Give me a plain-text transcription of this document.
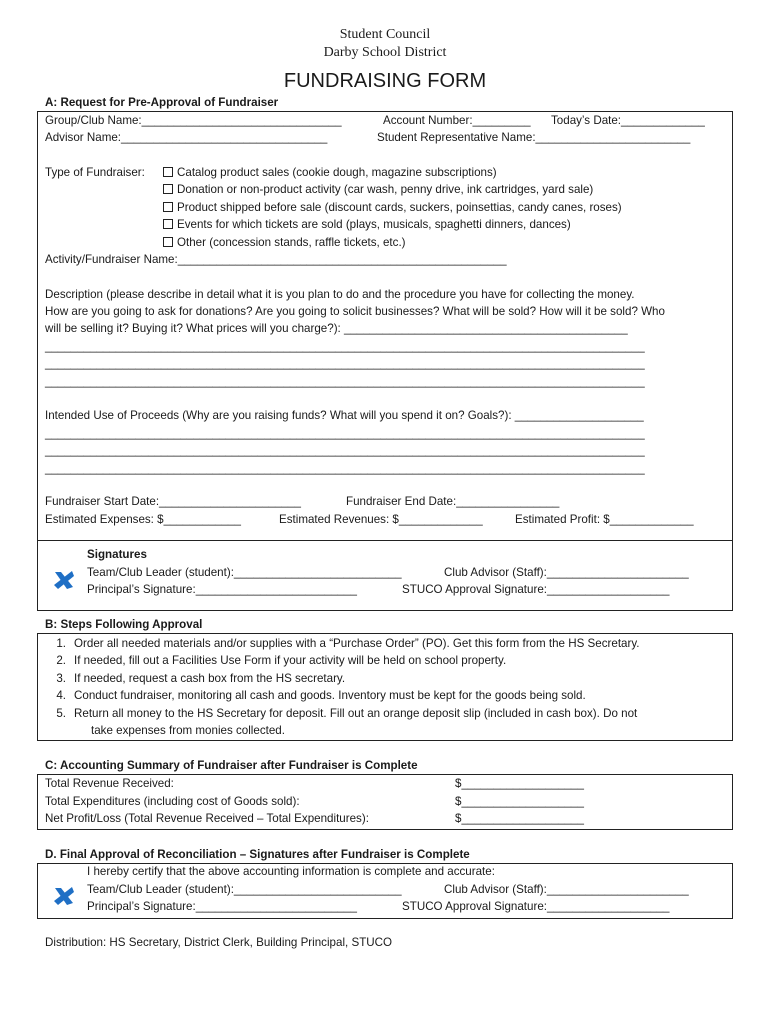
Student Council
Darby School District
FUNDRAISING FORM
A: Request for Pre-Approval of Fundraiser
Group/Club Name:_______________________________	Account Number:_________ Today’s Date:_____________
Advisor Name:________________________________	Student Representative Name:________________________
Type of Fundraiser:	Catalog product sales (cookie dough, magazine subscriptions)
Donation or non-product activity (car wash, penny drive, ink cartridges, yard sale)
Product shipped before sale (discount cards, suckers, poinsettias, candy canes, roses)
Events for which tickets are sold (plays, musicals, spaghetti dinners, dances)
Other (concession stands, raffle tickets, etc.)
Activity/Fundraiser Name:___________________________________________________
Description (please describe in detail what it is you plan to do and the procedure you have for collecting the money.
How are you going to ask for donations? Are you going to solicit businesses? What will be sold? How will it be sold? Who
will be selling it? Buying it? What prices will you charge?): ____________________________________________
_____________________________________________________________________________________________
_____________________________________________________________________________________________
_____________________________________________________________________________________________
Intended Use of Proceeds (Why are you raising funds? What will you spend it on? Goals?): ____________________
_____________________________________________________________________________________________
_____________________________________________________________________________________________
_____________________________________________________________________________________________
Fundraiser Start Date:______________________	Fundraiser End Date:________________
Estimated Expenses: $____________	Estimated Revenues: $_____________	Estimated Profit: $_____________
Signatures
Team/Club Leader (student):__________________________	Club Advisor (Staff):______________________
Principal’s Signature:_________________________	STUCO Approval Signature:___________________
B: Steps Following Approval
1. Order all needed materials and/or supplies with a “Purchase Order” (PO). Get this form from the HS Secretary.
2. If needed, fill out a Facilities Use Form if your activity will be held on school property.
3. If needed, request a cash box from the HS secretary.
4. Conduct fundraiser, monitoring all cash and goods. Inventory must be kept for the goods being sold.
5. Return all money to the HS Secretary for deposit. Fill out an orange deposit slip (included in cash box). Do not
take expenses from monies collected.
C: Accounting Summary of Fundraiser after Fundraiser is Complete
Total Revenue Received:	$___________________
Total Expenditures (including cost of Goods sold):	$___________________
Net Profit/Loss (Total Revenue Received – Total Expenditures):	$___________________
D. Final Approval of Reconciliation – Signatures after Fundraiser is Complete
I hereby certify that the above accounting information is complete and accurate:
Team/Club Leader (student):__________________________	Club Advisor (Staff):______________________
Principal’s Signature:_________________________	STUCO Approval Signature:___________________
Distribution: HS Secretary, District Clerk, Building Principal, STUCO
